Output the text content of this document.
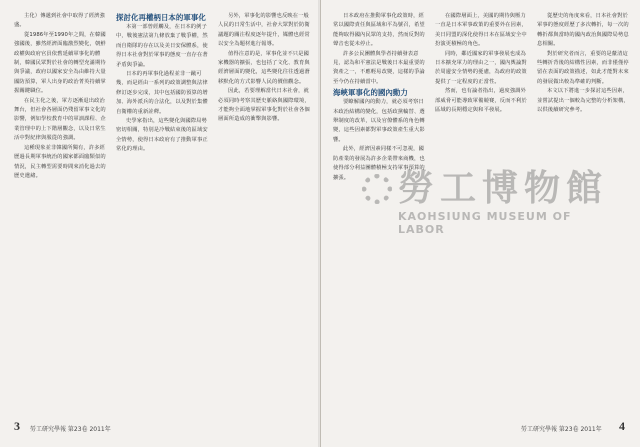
主化）傳遞到社會中取得了經濟強盛。

從1986年至1990年之間，在韓國強國後，雖然經濟面臨激烈變化，朝鮮政權與政府官員依舊延續軍事化的體制，韓國民眾對於社會的轉型充滿期待與爭議，政府以國家安全為由維持大量國防預算，軍人出身的政治菁英持續掌握關鍵職位。

在民主化之後，軍方逐漸退出政治舞台，但社會各層面仍殘留軍事文化的影響，例如學校教育中的軍訓課程、企業管理中的上下階層觀念，以及日常生活中對紀律與服從的強調。

這種現象並非韓國所獨有，許多經歷過長期軍事統治的國家都面臨類似的情況，民主轉型需要時間來消化過去的歷史遺緒。

探討化再權柄日本的軍事化

本第一部曾經觸及，在日本的例子中，戰後憲法第九條放棄了戰爭權，然而自衛隊的存在以及美日安保體系，使得日本社會對於軍事的態度一直存在著矛盾與爭論。

日本的再軍事化過程並非一蹴可幾，而是經由一系列的政策調整與法律修訂逐步完成，其中包括國防預算的增加、海外派兵的合法化，以及對於集體自衛權的重新詮釋。

史學家指出，這些變化與國際局勢密切相關，特別是冷戰結束後的區域安全情勢，使得日本政府有了推動軍事正常化的理由。

另外，軍事化的影響也反映在一般人民的日常生活中，社會大眾對於防衛議題的關注程度逐年提升，媒體也經常以安全為題材進行報導。

值得注意的是，軍事化並不只是國家機器的擴張，也包括了文化、教育與經濟層面的變化，這些變化往往透過潛移默化的方式影響人民的價值觀念。

因此，若要理解當代日本社會，就必須同時考察其歷史脈絡與國際環境，才能夠全面地掌握軍事化對於社會各個層面所造成的衝擊與影響。

3 勞工研究學報 第23卷 2011年

日本政府在推動軍事化政策時，經常以國際責任與區域和平為號召，希望能夠取得國內民眾的支持，然而反對的聲音也從未停止。

許多公民團體與學者持續發表意見，認為和平憲法是戰後日本最重要的資產之一，不應輕易改變，這樣的爭論至今仍在持續當中。

海峽軍事化的國內動力

要瞭解國內的動力，就必須考察日本政治結構的變化，包括政黨輪替、選舉制度的改革，以及官僚體系的角色轉變，這些因素都對軍事政策產生重大影響。

此外，經濟因素同樣不可忽視，國防產業的發展為許多企業帶來商機，也使得部分利益團體積極支持軍事預算的擴張。

在國際層面上，美國的期待與壓力一直是日本軍事政策的重要外在因素，美日同盟的深化使得日本在區域安全中扮演更積極的角色。

同時，鄰近國家的軍事發展也成為日本擴充軍力的理由之一，國內輿論對於周邊安全情勢的憂慮，為政府的政策提供了一定程度的正當性。

然而，也有論者指出，過度強調外部威脅可能導致軍備競賽，反而不利於區域的長期穩定與和平發展。

從歷史的角度來看，日本社會對於軍事的態度經歷了多次轉折，每一次的轉折都與當時的國內政治與國際局勢息息相關。

對於研究者而言，重要的是釐清這些轉折背後的結構性因素，而非僅僅停留在表面的政策描述，如此才能對未來的發展做出較為準確的判斷。

本文以下將進一步探討這些因素，並嘗試提出一個較為完整的分析架構，以供後續研究參考。

勞工研究學報 第23卷 2011年 4
勞工博物館
KAOHSIUNG MUSEUM OF LABOR
